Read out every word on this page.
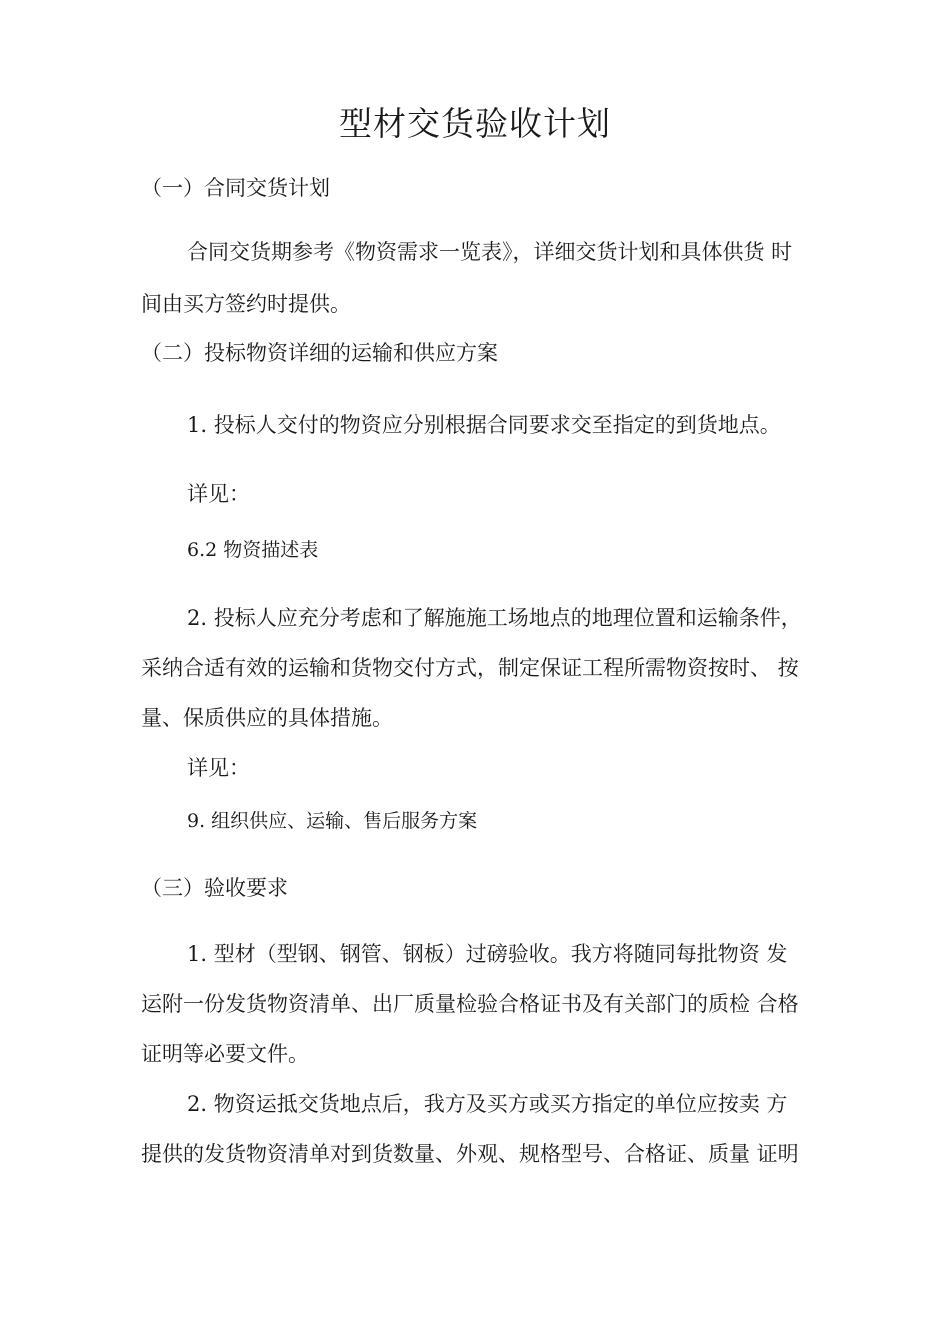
型材交货验收计划

（一）合同交货计划

合同交货期参考《物资需求一览表》，详细交货计划和具体供货 时

间由买方签约时提供。

（二）投标物资详细的运输和供应方案

1. 投标人交付的物资应分别根据合同要求交至指定的到货地点。

详见：

6.2 物资描述表

2. 投标人应充分考虑和了解施施工场地点的地理位置和运输条件，

采纳合适有效的运输和货物交付方式，制定保证工程所需物资按时、 按

量、保质供应的具体措施。

详见：

9. 组织供应、运输、售后服务方案

（三）验收要求

1. 型材（型钢、钢管、钢板）过磅验收。我方将随同每批物资 发

运附一份发货物资清单、出厂质量检验合格证书及有关部门的质检 合格

证明等必要文件。

2. 物资运抵交货地点后，我方及买方或买方指定的单位应按卖 方

提供的发货物资清单对到货数量、外观、规格型号、合格证、质量 证明
